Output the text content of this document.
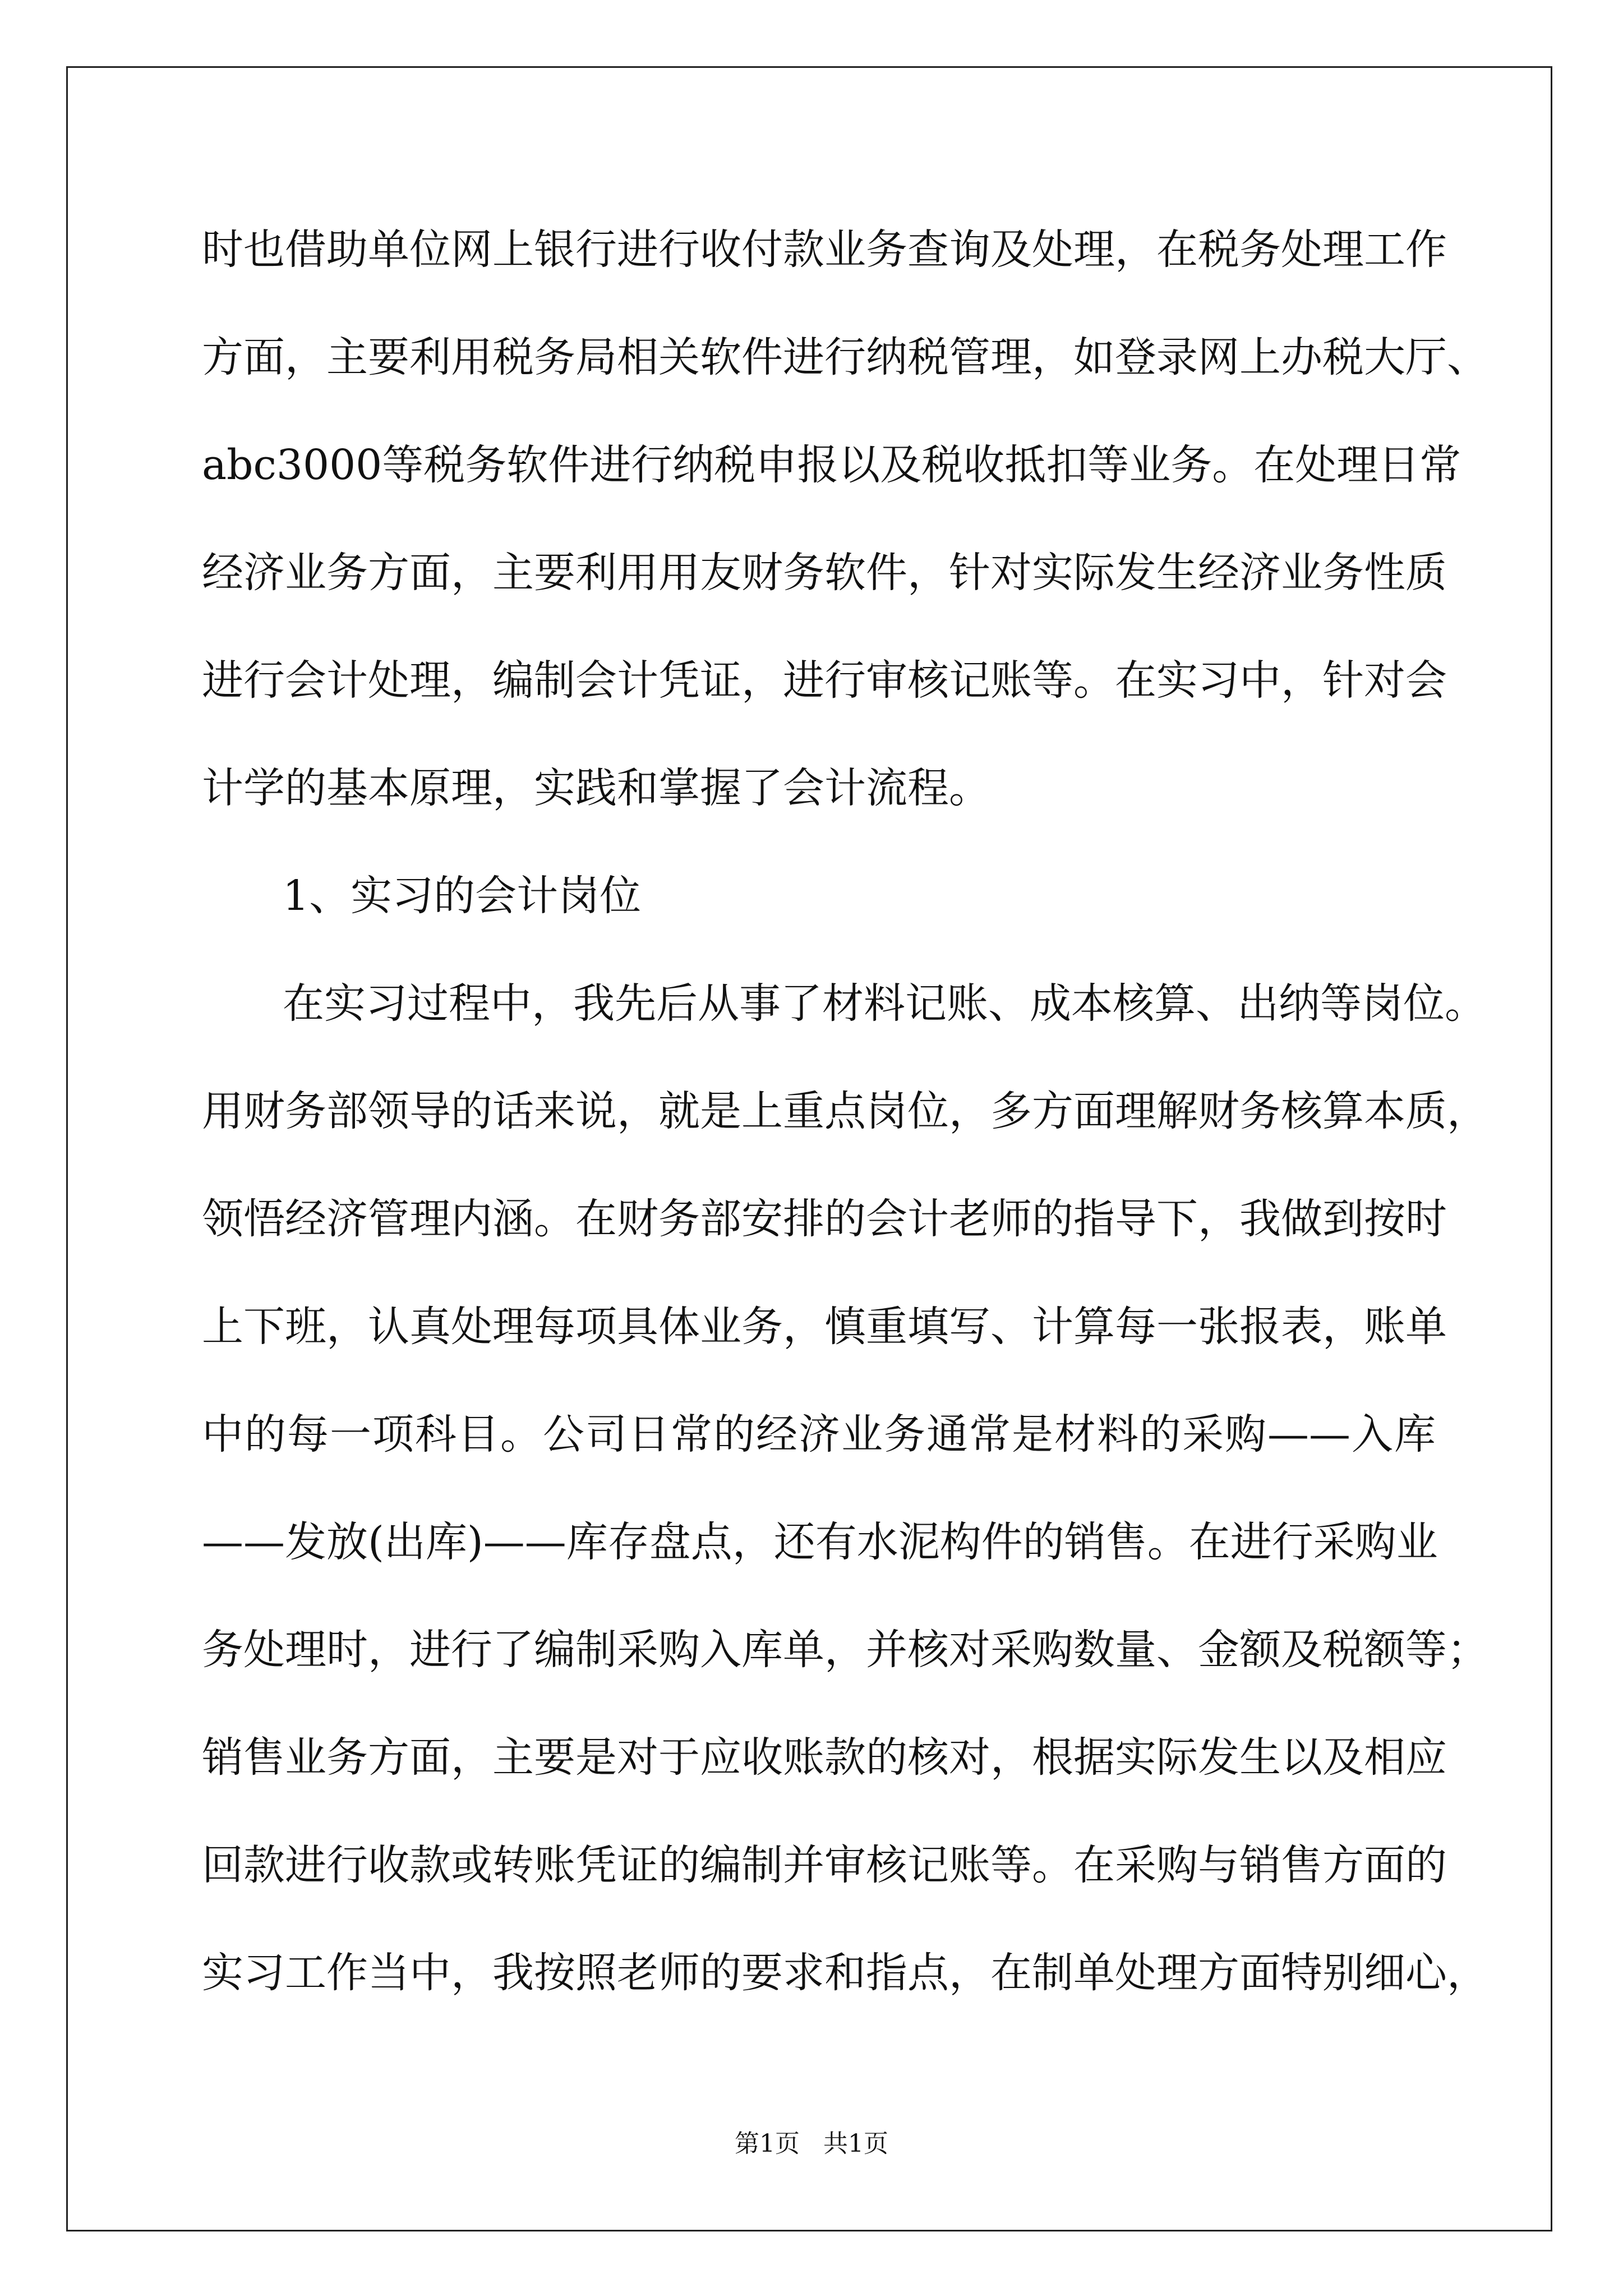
时也借助单位网上银行进行收付款业务查询及处理，在税务处理工作
方面，主要利用税务局相关软件进行纳税管理，如登录网上办税大厅、
abc3000等税务软件进行纳税申报以及税收抵扣等业务。在处理日常
经济业务方面，主要利用用友财务软件，针对实际发生经济业务性质
进行会计处理，编制会计凭证，进行审核记账等。在实习中，针对会
计学的基本原理，实践和掌握了会计流程。
1、实习的会计岗位
在实习过程中，我先后从事了材料记账、成本核算、出纳等岗位。
用财务部领导的话来说，就是上重点岗位，多方面理解财务核算本质，
领悟经济管理内涵。在财务部安排的会计老师的指导下，我做到按时
上下班，认真处理每项具体业务，慎重填写、计算每一张报表，账单
中的每一项科目。公司日常的经济业务通常是材料的采购——入库
——发放(出库)——库存盘点，还有水泥构件的销售。在进行采购业
务处理时，进行了编制采购入库单，并核对采购数量、金额及税额等；
销售业务方面，主要是对于应收账款的核对，根据实际发生以及相应
回款进行收款或转账凭证的编制并审核记账等。在采购与销售方面的
实习工作当中，我按照老师的要求和指点，在制单处理方面特别细心，
第1页   共1页
